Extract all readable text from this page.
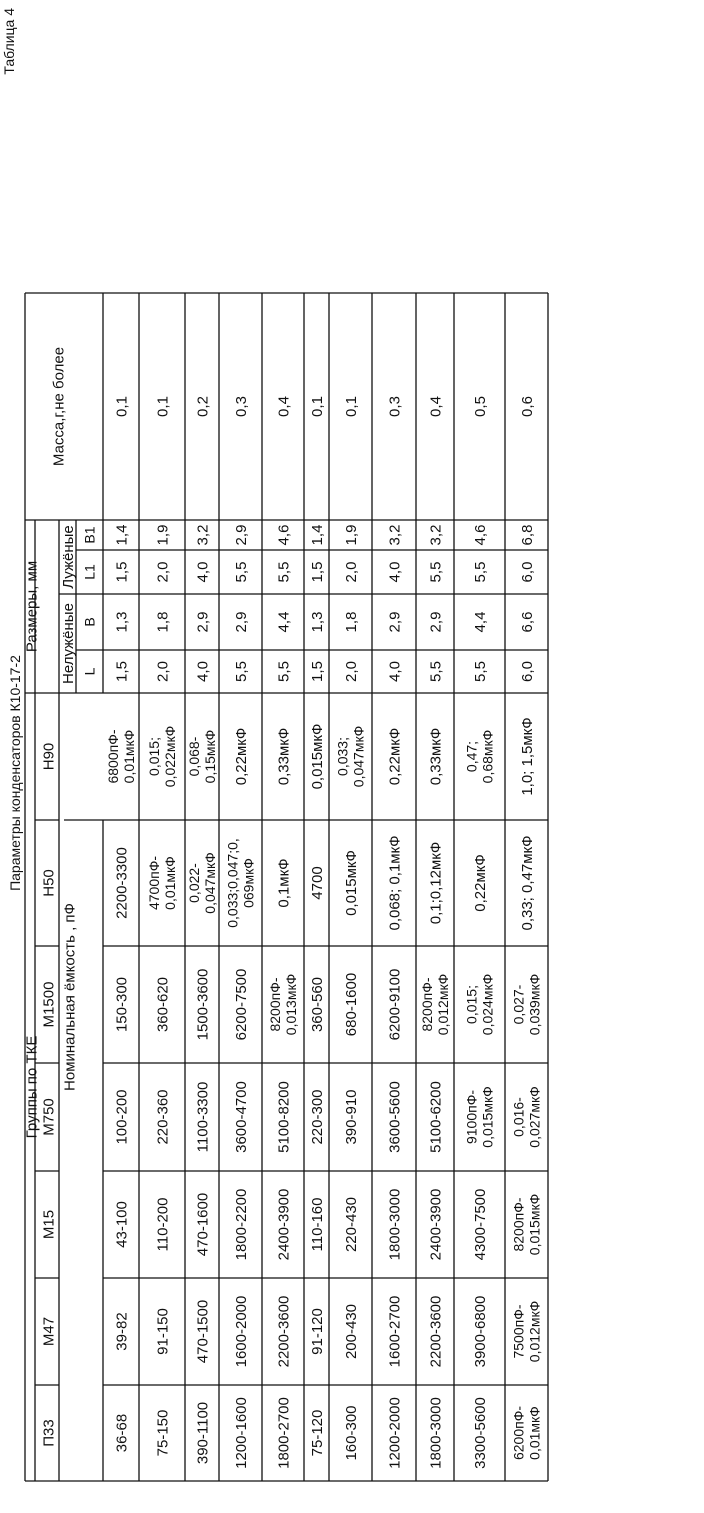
Таблица 4
Параметры конденсаторов К10-17-2
Группы по ТКЕ
Размеры, мм
Масса,г,не более
Номинальная ёмкость , пФ
Нелужёные
Лужёные
П33
М47
М15
М750
М1500
Н50
Н90
L
B
L1
B1
36-68
39-82
43-100
100-200
150-300
2200-3300
6800пФ-0,01мкФ
1,5
1,3
1,5
1,4
0,1
75-150
91-150
110-200
220-360
360-620
4700пФ-0,01мкФ
0,015;0,022мкФ
2,0
1,8
2,0
1,9
0,1
390-1100
470-1500
470-1600
1100-3300
1500-3600
0,022-0,047мкФ
0,068-0,15мкФ
4,0
2,9
4,0
3,2
0,2
1200-1600
1600-2000
1800-2200
3600-4700
6200-7500
0,033;0,047;0,069мкФ
0,22мкФ
5,5
2,9
5,5
2,9
0,3
1800-2700
2200-3600
2400-3900
5100-8200
8200пФ-0,013мкФ
0,1мкФ
0,33мкФ
5,5
4,4
5,5
4,6
0,4
75-120
91-120
110-160
220-300
360-560
4700
0,015мкФ
1,5
1,3
1,5
1,4
0,1
160-300
200-430
220-430
390-910
680-1600
0,015мкФ
0,033;0,047мкФ
2,0
1,8
2,0
1,9
0,1
1200-2000
1600-2700
1800-3000
3600-5600
6200-9100
0,068; 0,1мкФ
0,22мкФ
4,0
2,9
4,0
3,2
0,3
1800-3000
2200-3600
2400-3900
5100-6200
8200пФ-0,012мкФ
0,1;0,12мкФ
0,33мкФ
5,5
2,9
5,5
3,2
0,4
3300-5600
3900-6800
4300-7500
9100пФ-0,015мкФ
0,015;0,024мкФ
0,22мкФ
0,47;0,68мкФ
5,5
4,4
5,5
4,6
0,5
6200пФ-0,01мкФ
7500пФ-0,012мкФ
8200пФ-0,015мкФ
0,016-0,027мкФ
0,027-0,039мкФ
0,33; 0,47мкФ
1,0; 1,5мкФ
6,0
6,6
6,0
6,8
0,6
